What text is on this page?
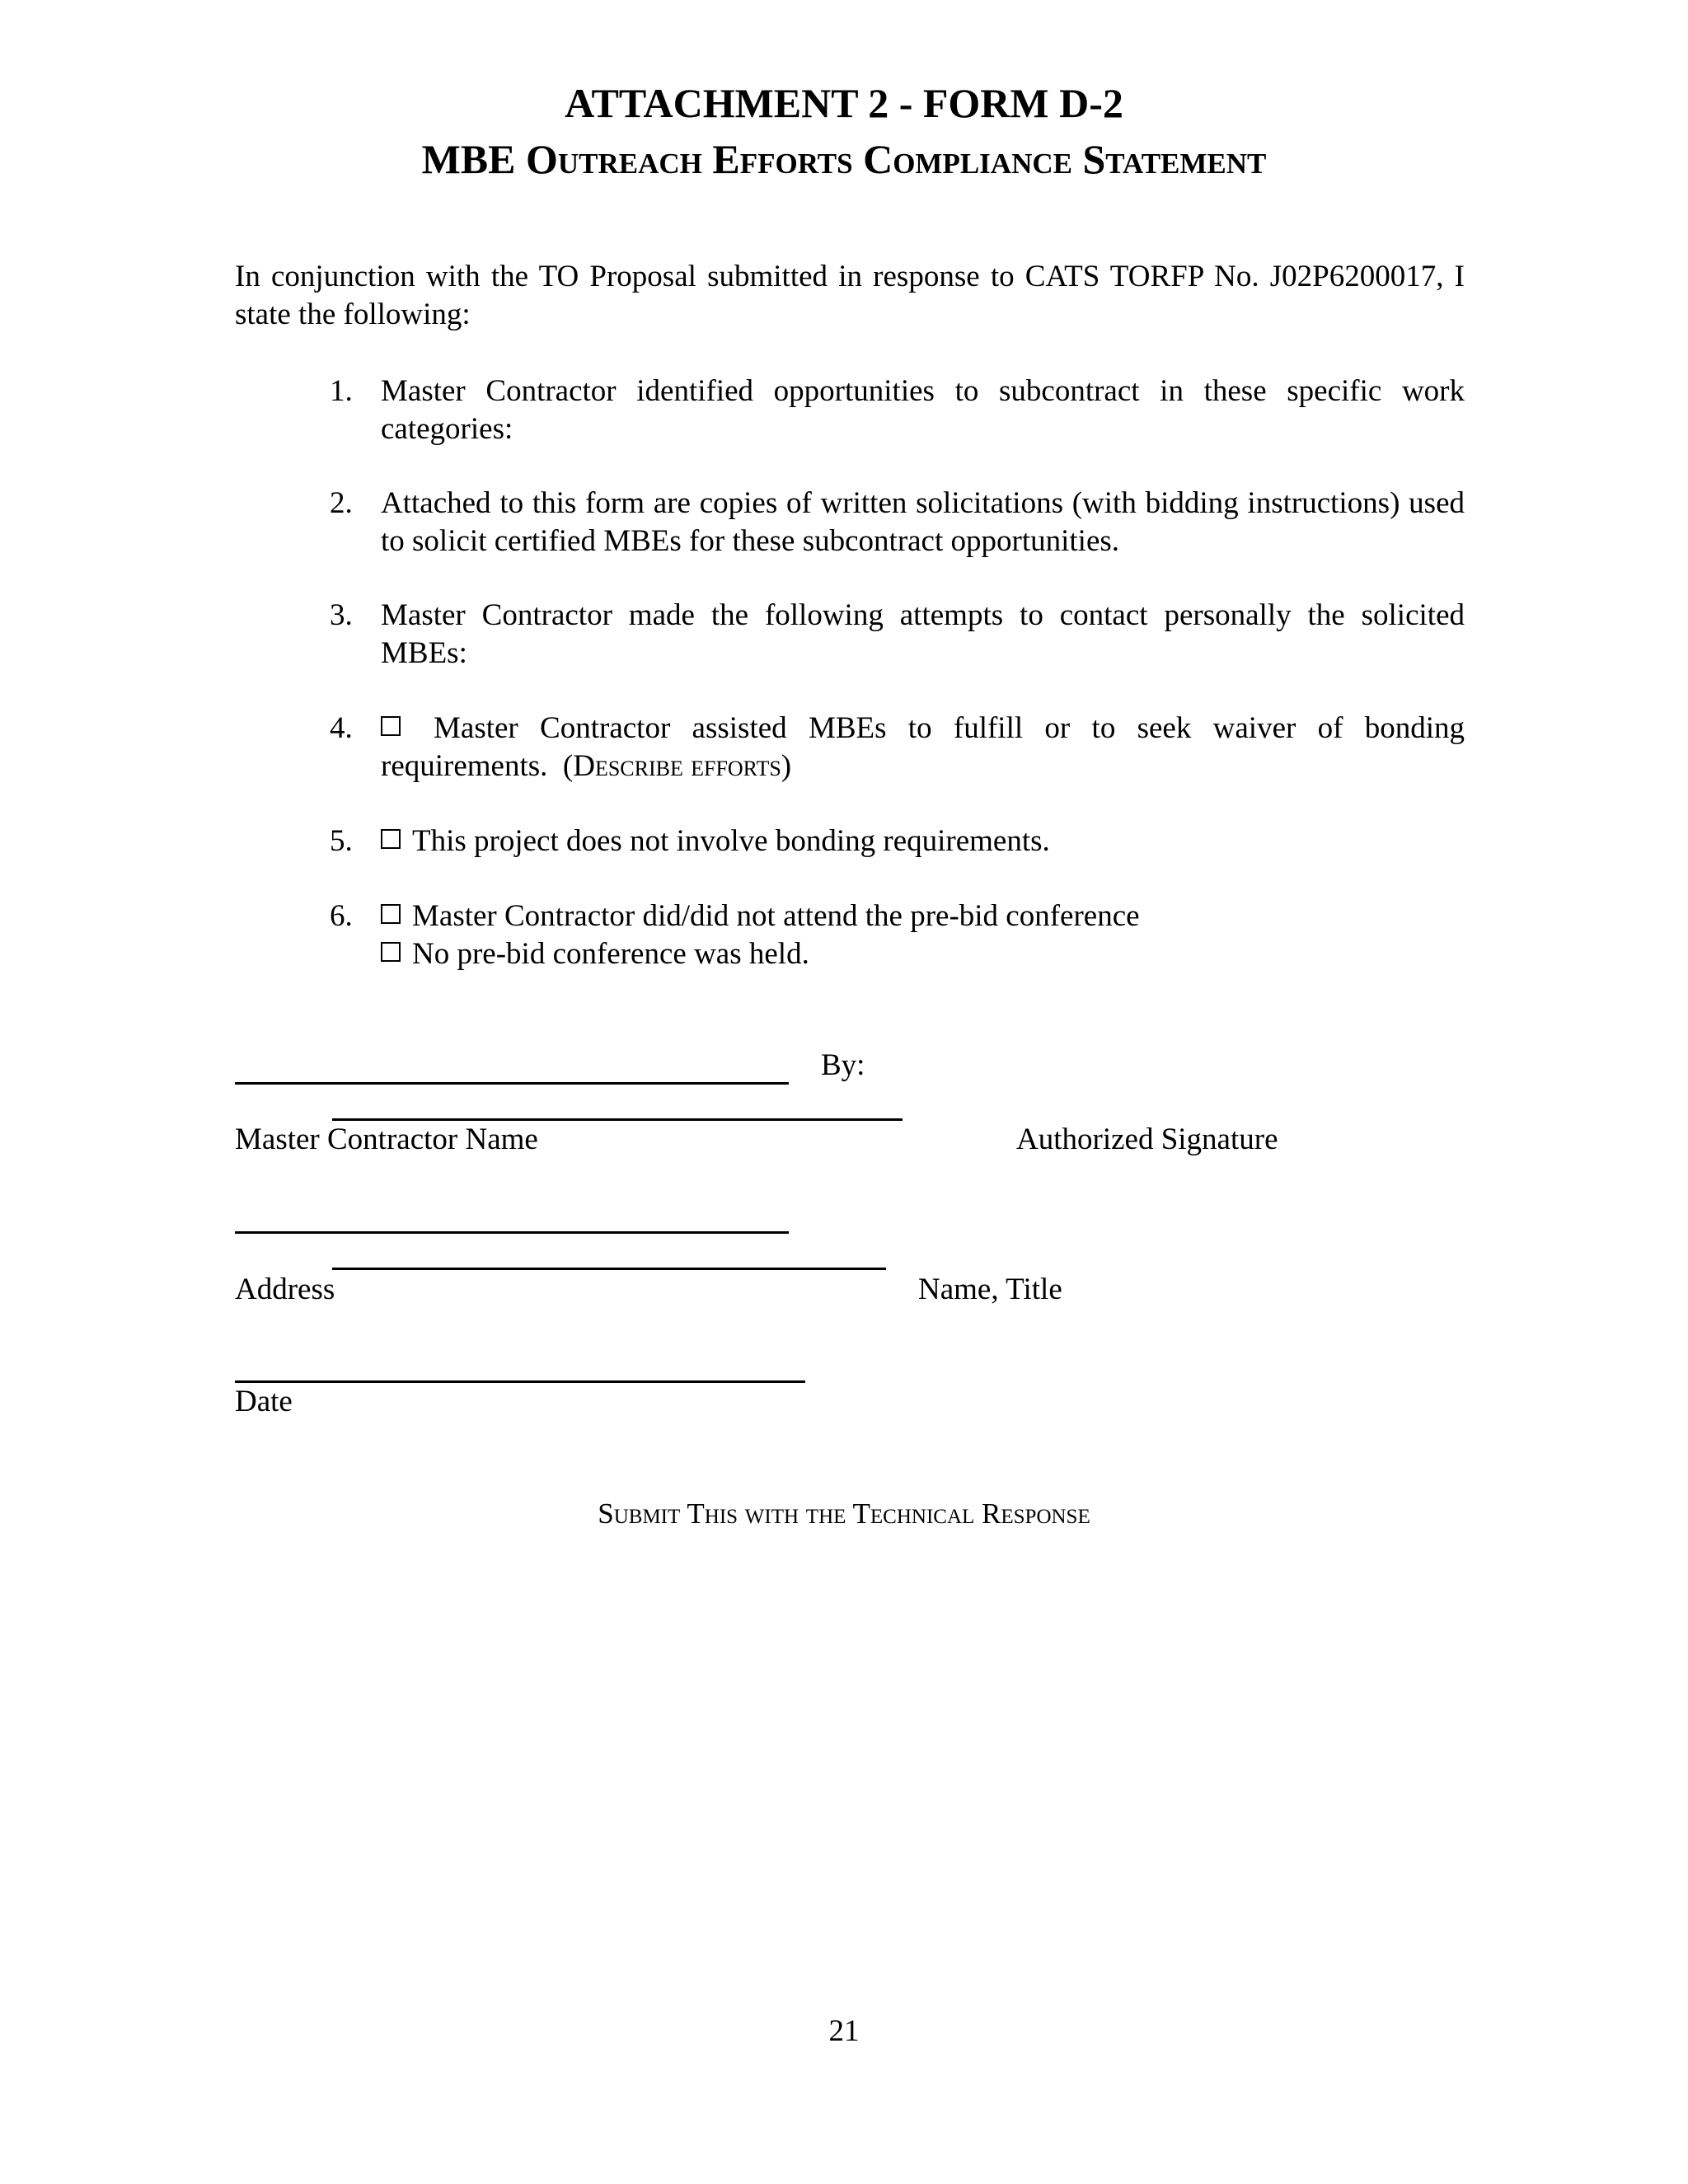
ATTACHMENT 2 - FORM D-2
MBE Outreach Efforts Compliance Statement

In conjunction with the TO Proposal submitted in response to CATS TORFP No. J02P6200017, I state the following:

1. Master Contractor identified opportunities to subcontract in these specific work categories:
2. Attached to this form are copies of written solicitations (with bidding instructions) used to solicit certified MBEs for these subcontract opportunities.
3. Master Contractor made the following attempts to contact personally the solicited MBEs:
4.	Master Contractor assisted MBEs to fulfill or to seek waiver of bonding requirements. (Describe efforts)
5.	This project does not involve bonding requirements.
6.	Master Contractor did/did not attend the pre-bid conference
No pre-bid conference was held.
By:
Master Contractor Name	Authorized Signature
Address	Name, Title
Date
Submit This with the Technical Response
21
